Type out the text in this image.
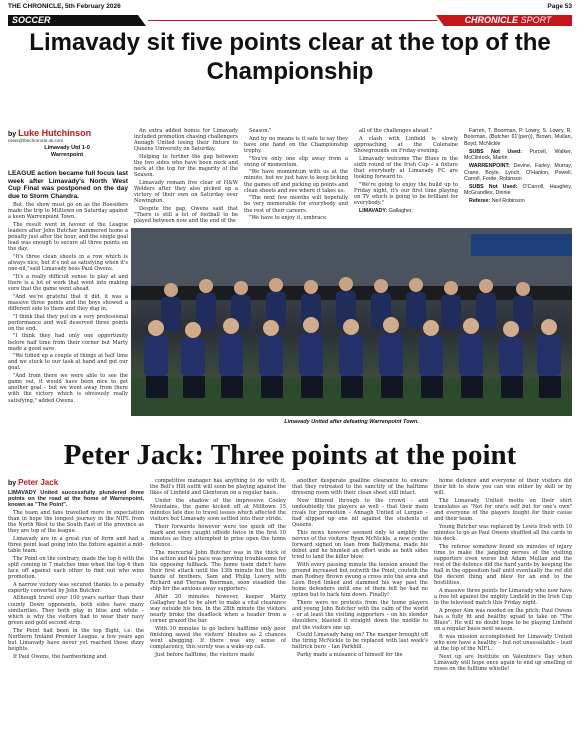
THE CHRONICLE, 5th February 2026	Page 53
SOCCER	CHRONICLE SPORT
Limavady sit five points clear at the top of the Championship
by Luke Hutchinson
news@thechronicle.uk.com
Limavady Utd 1-0
Warrenpoint

LEAGUE action became full focus last week after Limavady's North West Cup Final was postponed on the day due to Storm Chandra.

But, the show must go on as the Roesiders made the trip to Milltown on Saturday against a keen Warrenpoint Town.

The result went in favour of the League leaders after John Butcher hammered home a penalty just after the hour, and the single goal lead was enough to secure all three points on the day.

"It's three clean sheets in a row which is always nice, but it's not as satisfying when it's one-nil,"said Limavady boss Paul Owens.

"It's a really difficult venue to play at and there is a lot of work that went into making sure that the game went ahead.

"And we're grateful that it did, it was a massive three points and the boys showed a different side to them and they dug in.

"I think that they put on a very professional performance and well deserved three points on the end.

"I think they had only one opportunity before half time from their corner but Marty made a good save.

"We tidied up a couple of things at half time and we stuck to our task at hand and got our goal.

"And from there we were able to see the game out, it would have been nice to get another goal – but we went away from there with the victory which is obviously really satisfying," added Owens.

An extra added bonus for Limavady included promotion chasing challengers Annagh United losing their fixture to Queens University on Saturday.

Helping to further the gap between the two sides who have been neck and neck at the top for the majority of the Season.

Limavady remain five clear of H&W Welders after they also picked up a victory of their own on Saturday over Newington.

Despite the gap, Owens said that "There is still a lot of football to be played between now and the end of the

Season."

And by no means is it safe to say they have one hand on the Championship trophy.

"You're only one slip away from a swing of momentum.

"We have momentum with us at the minute, but we just have to keep ticking the games off and picking up points and clean sheets and see where it takes us.

"The next few months will hopefully be very memorable for everybody and the rest of their careers.

"We have to enjoy it, embrace

all of the challenges ahead."

A clash with Linfield is slowly approaching at the Coleraine Showgrounds on Friday evening.

Limavady welcome The Blues in the sixth round of the Irish Cup – a fixture that everybody at Limavady FC are looking forward to.

"We're going to enjoy the build up to Friday night, it's our first time playing on TV which is going to be brilliant for everybody."

LIMAVADY: Gallagher,

Farren, T. Boorman, P. Lowry, S. Lowry, R. Boorman, (Butcher 61'(pen)), Brown, Mullan, Boyd, McNickle

SUBS Not Used: Purcell, Walker, McClintock, Martin

WARRENPOINT: Devine, Farley, Murray, Crane, Boyle, Lynch, O'Hanlon, Powell, Carroll, Forde, Robinson

SUBS Not Used: O'Carroll, Haughey, McGrandles, Dinnie

Referee: Neil Robinson

Limavady United after defeating Warrenpoint Town.
Peter Jack: Three points at the point
by Peter Jack

LIMAVADY United successfully plundered three points on the road at the home of Warrenpoint, known as "The Point".

The team and fans travelled more in expectation than in hope the longest journey in the NIFL from the North West to the South East of the province as they are top of the league.

Limavady are in a great run of form and had a three point lead going into the fixture against a mid-table team.

The Point on the contrary, made the top 6 with the split coming in 7 matches time when the top 6 then face off against each other to find out who wins promotion.

A narrow victory was secured thanks to a penalty expertly converted by John Butcher.

Although travel over 100 years earlier than their county Down opponents, both sides have many similarities. They both play in blue and white – which is why the visitors had to wear their navy green and gold second strip.

The Point had been in the top flight, i.e. the Northern Ireland Premier League, a few years ago but Limavady have never yet reached those dizzy heights.

If Paul Owens, the hardworking and

competitive manager has anything to do with it, the Bell's Hill outfit will soon be playing against the likes of Linfield and Glentoran on a regular basis.

Under the shadow of the impressive Cooley Mountains, the game kicked off at Milltown 15 minutes late due to travel issues which affected the visitors but Limavady soon settled into their stride.

Their forwards however were too quick off the mark and were caught offside twice in the first 10 minutes as they attempted to prise open the home defence.

The mercurial John Butcher was in the thick of the action and his pace was proving troublesome for his opposing fullback. The home team didn't have their first attack until the 13th minute but the two bands of brothers, Sam and Philip Lowry with Richard and Tiernan Boorman, soon steadied the ship for the anxious away supporters.

After 20 minutes however, keeper Marty Gallagher had to be alert to make a vital clearance way outside his box. In the 28th minute the visitors nearly broke the deadlock when a header from a corner grazed the bar.

With 10 minutes to go before halftime only poor finishing saved the visitors' blushes as 2 chances went abegging. If there was any sense of complacency, this surely was a wake-up call.

Just before halftime, the visitors made

another desperate goalline clearance to ensure that they retreated to the sanctity of the halftime dressing room with their clean sheet still intact.

Now filtered through to the crowd – and undoubtedly the players as well – that their main rivals for promotion – Annagh United of Lurgan – had slipped up one nil against the students of Queens.

This news however seemed only to amplify the nerves of the visitors. Ryan McNickle, a new centre forward signed on loan from Ballymena, made his debut and he blunted an effort wide as both sides tried to land the killer blow.

With every passing minute the tension around the ground increased but outwith the Point, couteth the man Rodney Brown swung a cross into the area and Leon Boyd linked and slammed his way past the home defenders until one of them felt he had no option but to hack him down. Finally!

There were no protests from the home players and young John Butcher with the calm of the world – or at least the visiting supporters – on his slender shoulders, blasted it straight down the middle to put the visitors one up.

Could Limavady hang on? The manger brought off the tiring McNickle to be replaced with last week's hattrick hero – Ian Parkhill.

Parky made a nuisance of himself for the

home defence and everyone of their visitors did their bit to show you can win either by skill or by will.

The Limavady United motto on their shirt translates as "Not for one's self but for one's own" and everyone of the players fought for their cause and their team.

Young Butcher was replaced by Lewis Irish with 10 minutes to go as Paul Owens shuffled all the cards in his deck.

The referee somehow found six minutes of injury time to make the jangling nerves of the visiting supporters even worse but Adam Mullan and the rest of the defence did the hard yards by keeping the ball in the opposition half until eventually the ref did the decent thing and blew for an end to the hostilities.

A massive three points for Limavady who now have a free hit against the mighty Linfield in the Irish Cup in the televised match this Friday night.

A proper Aim was needed on the pitch; Paul Owens has a fully fit and healthy squad to take on "The Blues". He will no doubt hope to be playing Linfield on a regular basis next season.

It was mission accomplished for Limavady United who now have a healthy – but not unassailable – lead at the top of the NIFL.

Next up are Institute on Valentine's Day when Limavady will hope once again to end up smelling of roses on the fulltime whistle!
